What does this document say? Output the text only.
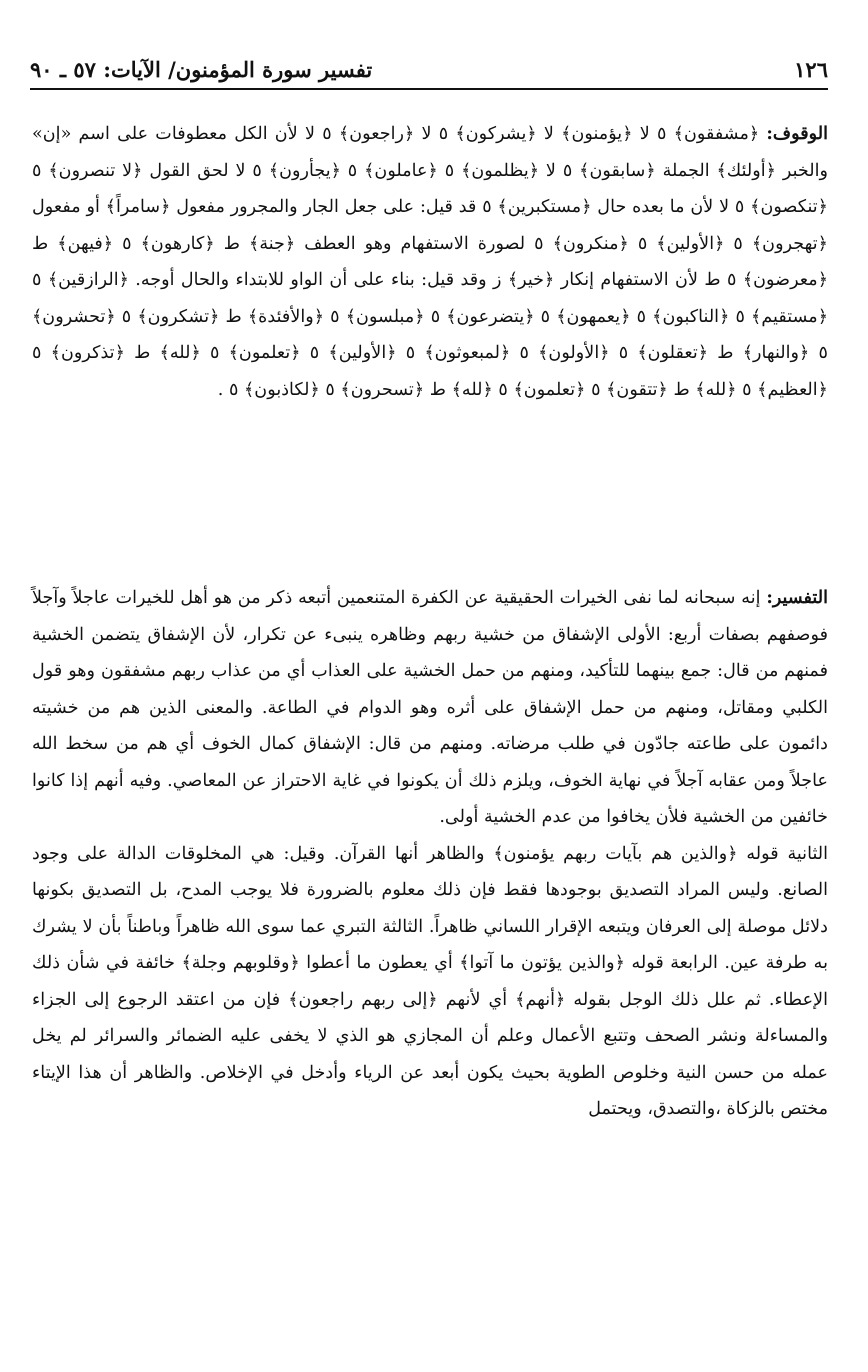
١٢٦
تفسير سورة المؤمنون/ الآيات: ٥٧ ـ ٩٠

الوقوف: ﴿مشفقون﴾ ٥ لا ﴿يؤمنون﴾ لا ﴿يشركون﴾ ٥ لا ﴿راجعون﴾ ٥ لا لأن الكل معطوفات على اسم «إن» والخبر ﴿أولئك﴾ الجملة ﴿سابقون﴾ ٥ لا ﴿يظلمون﴾ ٥ ﴿عاملون﴾ ٥ ﴿يجأرون﴾ ٥ لا لحق القول ﴿لا تنصرون﴾ ٥ ﴿تنكصون﴾ ٥ لا لأن ما بعده حال ﴿مستكبرين﴾ ٥ قد قيل: على جعل الجار والمجرور مفعول ﴿سامراً﴾ أو مفعول ﴿تهجرون﴾ ٥ ﴿الأولين﴾ ٥ ﴿منكرون﴾ ٥ لصورة الاستفهام وهو العطف ﴿جنة﴾ ط ﴿كارهون﴾ ٥ ﴿فيهن﴾ ط ﴿معرضون﴾ ٥ ط لأن الاستفهام إنكار ﴿خير﴾ ز وقد قيل: بناء على أن الواو للابتداء والحال أوجه. ﴿الرازقين﴾ ٥ ﴿مستقيم﴾ ٥ ﴿الناكبون﴾ ٥ ﴿يعمهون﴾ ٥ ﴿يتضرعون﴾ ٥ ﴿مبلسون﴾ ٥ ﴿والأفئدة﴾ ط ﴿تشكرون﴾ ٥ ﴿تحشرون﴾ ٥ ﴿والنهار﴾ ط ﴿تعقلون﴾ ٥ ﴿الأولون﴾ ٥ ﴿لمبعوثون﴾ ٥ ﴿الأولين﴾ ٥ ﴿تعلمون﴾ ٥ ﴿لله﴾ ط ﴿تذكرون﴾ ٥ ﴿العظيم﴾ ٥ ﴿لله﴾ ط ﴿تتقون﴾ ٥ ﴿تعلمون﴾ ٥ ﴿لله﴾ ط ﴿تسحرون﴾ ٥ ﴿لكاذبون﴾ ٥ .

التفسير: إنه سبحانه لما نفى الخيرات الحقيقية عن الكفرة المتنعمين أتبعه ذكر من هو أهل للخيرات عاجلاً وآجلاً فوصفهم بصفات أربع: الأولى الإشفاق من خشية ربهم وظاهره ينبىء عن تكرار، لأن الإشفاق يتضمن الخشية فمنهم من قال: جمع بينهما للتأكيد، ومنهم من حمل الخشية على العذاب أي من عذاب ربهم مشفقون وهو قول الكلبي ومقاتل، ومنهم من حمل الإشفاق على أثره وهو الدوام في الطاعة. والمعنى الذين هم من خشيته دائمون على طاعته جادّون في طلب مرضاته. ومنهم من قال: الإشفاق كمال الخوف أي هم من سخط الله عاجلاً ومن عقابه آجلاً في نهاية الخوف، ويلزم ذلك أن يكونوا في غاية الاحتراز عن المعاصي. وفيه أنهم إذا كانوا خائفين من الخشية فلأن يخافوا من عدم الخشية أولى.

الثانية قوله ﴿والذين هم بآيات ربهم يؤمنون﴾ والظاهر أنها القرآن. وقيل: هي المخلوقات الدالة على وجود الصانع. وليس المراد التصديق بوجودها فقط فإن ذلك معلوم بالضرورة فلا يوجب المدح، بل التصديق بكونها دلائل موصلة إلى العرفان ويتبعه الإقرار اللساني ظاهراً. الثالثة التبري عما سوى الله ظاهراً وباطناً بأن لا يشرك به طرفة عين. الرابعة قوله ﴿والذين يؤتون ما آتوا﴾ أي يعطون ما أعطوا ﴿وقلوبهم وجلة﴾ خائفة في شأن ذلك الإعطاء. ثم علل ذلك الوجل بقوله ﴿أنهم﴾ أي لأنهم ﴿إلى ربهم راجعون﴾ فإن من اعتقد الرجوع إلى الجزاء والمساءلة ونشر الصحف وتتبع الأعمال وعلم أن المجازي هو الذي لا يخفى عليه الضمائر والسرائر لم يخل عمله من حسن النية وخلوص الطوية بحيث يكون أبعد عن الرياء وأدخل في الإخلاص. والظاهر أن هذا الإيتاء مختص بالزكاة ،والتصدق، ويحتمل
